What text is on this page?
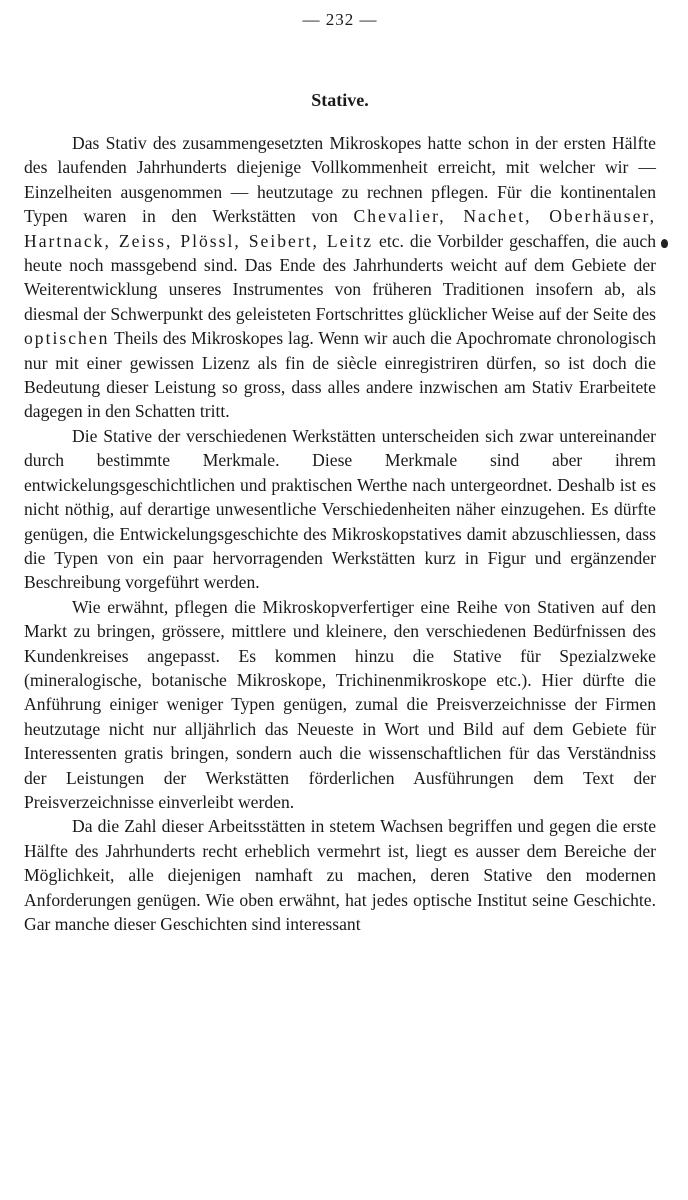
— 232 —

Stative.

Das Stativ des zusammengesetzten Mikroskopes hatte schon in der ersten Hälfte des laufenden Jahrhunderts diejenige Vollkommenheit erreicht, mit welcher wir — Einzelheiten ausgenommen — heutzutage zu rechnen pflegen. Für die kontinentalen Typen waren in den Werkstätten von Chevalier, Nachet, Oberhäuser, Hartnack, Zeiss, Plössl, Seibert, Leitz etc. die Vorbilder geschaffen, die auch heute noch massgebend sind. Das Ende des Jahrhunderts weicht auf dem Gebiete der Weiterentwicklung unseres Instrumentes von früheren Traditionen insofern ab, als diesmal der Schwerpunkt des geleisteten Fortschrittes glücklicher Weise auf der Seite des optischen Theils des Mikroskopes lag. Wenn wir auch die Apochromate chronologisch nur mit einer gewissen Lizenz als fin de siècle einregistriren dürfen, so ist doch die Bedeutung dieser Leistung so gross, dass alles andere inzwischen am Stativ Erarbeitete dagegen in den Schatten tritt.

Die Stative der verschiedenen Werkstätten unterscheiden sich zwar untereinander durch bestimmte Merkmale. Diese Merkmale sind aber ihrem entwickelungsgeschichtlichen und praktischen Werthe nach untergeordnet. Deshalb ist es nicht nöthig, auf derartige unwesentliche Verschiedenheiten näher einzugehen. Es dürfte genügen, die Entwickelungsgeschichte des Mikroskopstatives damit abzuschliessen, dass die Typen von ein paar hervorragenden Werkstätten kurz in Figur und ergänzender Beschreibung vorgeführt werden.

Wie erwähnt, pflegen die Mikroskopverfertiger eine Reihe von Stativen auf den Markt zu bringen, grössere, mittlere und kleinere, den verschiedenen Bedürfnissen des Kundenkreises angepasst. Es kommen hinzu die Stative für Spezialzweke (mineralogische, botanische Mikroskope, Trichinenmikroskope etc.). Hier dürfte die Anführung einiger weniger Typen genügen, zumal die Preisverzeichnisse der Firmen heutzutage nicht nur alljährlich das Neueste in Wort und Bild auf dem Gebiete für Interessenten gratis bringen, sondern auch die wissenschaftlichen für das Verständniss der Leistungen der Werkstätten förderlichen Ausführungen dem Text der Preisverzeichnisse einverleibt werden.

Da die Zahl dieser Arbeitsstätten in stetem Wachsen begriffen und gegen die erste Hälfte des Jahrhunderts recht erheblich vermehrt ist, liegt es ausser dem Bereiche der Möglichkeit, alle diejenigen namhaft zu machen, deren Stative den modernen Anforderungen genügen. Wie oben erwähnt, hat jedes optische Institut seine Geschichte. Gar manche dieser Geschichten sind interessant
